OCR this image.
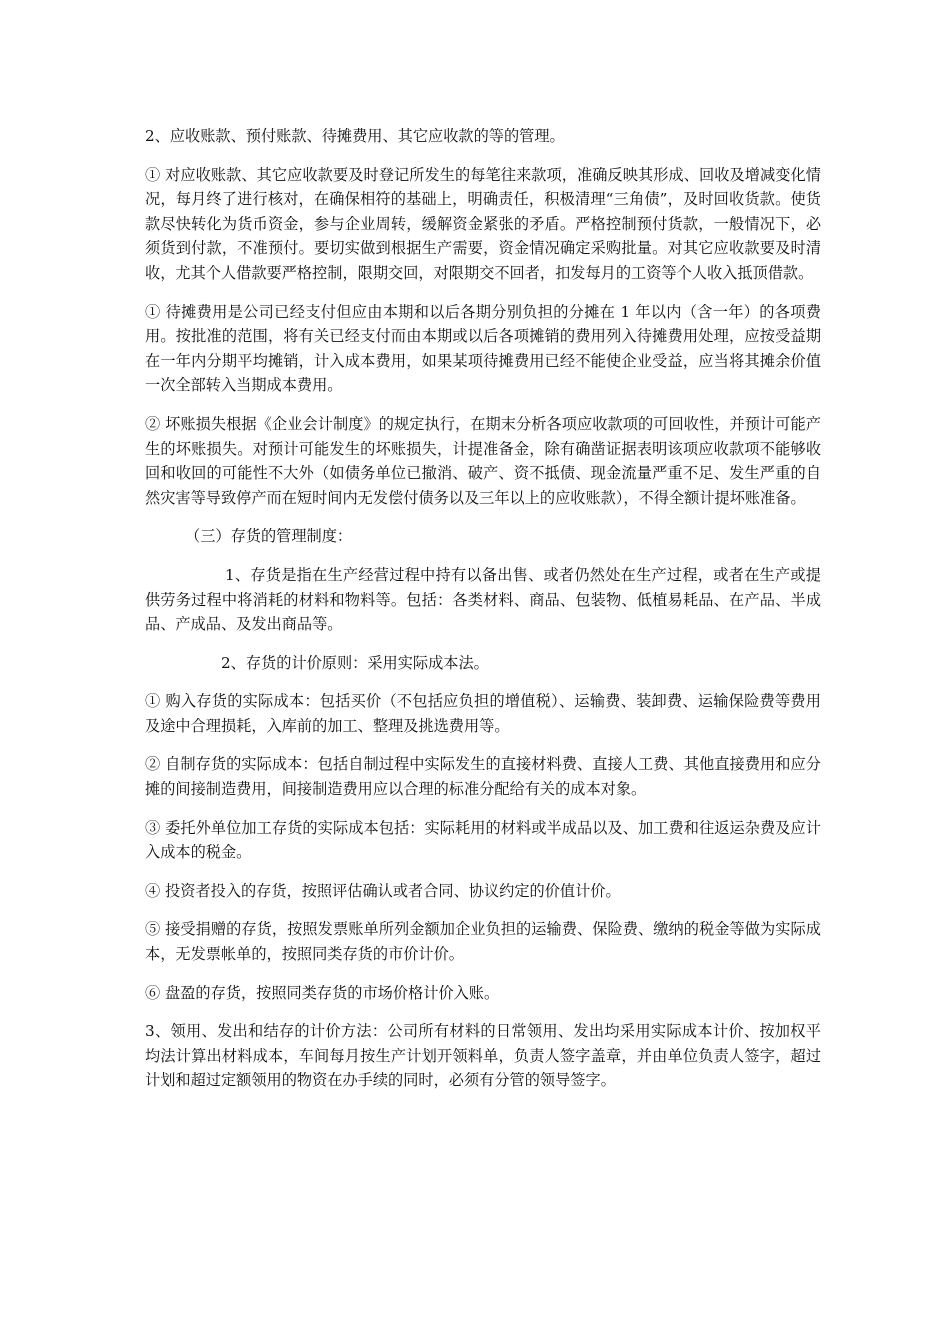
2、应收账款、预付账款、待摊费用、其它应收款的等的管理。

① 对应收账款、其它应收款要及时登记所发生的每笔往来款项，准确反映其形成、回收及增减变化情况，每月终了进行核对，在确保相符的基础上，明确责任，积极清理“三角债”，及时回收货款。使货款尽快转化为货币资金，参与企业周转，缓解资金紧张的矛盾。严格控制预付货款，一般情况下，必须货到付款，不准预付。要切实做到根据生产需要，资金情况确定采购批量。对其它应收款要及时清收，尤其个人借款要严格控制，限期交回，对限期交不回者，扣发每月的工资等个人收入抵顶借款。

① 待摊费用是公司已经支付但应由本期和以后各期分别负担的分摊在 1 年以内（含一年）的各项费用。按批准的范围，将有关已经支付而由本期或以后各项摊销的费用列入待摊费用处理，应按受益期在一年内分期平均摊销，计入成本费用，如果某项待摊费用已经不能使企业受益，应当将其摊余价值一次全部转入当期成本费用。

② 坏账损失根据《企业会计制度》的规定执行，在期末分析各项应收款项的可回收性，并预计可能产生的坏账损失。对预计可能发生的坏账损失，计提准备金，除有确凿证据表明该项应收款项不能够收回和收回的可能性不大外（如债务单位已撤消、破产、资不抵债、现金流量严重不足、发生严重的自然灾害等导致停产而在短时间内无发偿付债务以及三年以上的应收账款），不得全额计提坏账准备。

（三）存货的管理制度：

1、存货是指在生产经营过程中持有以备出售、或者仍然处在生产过程，或者在生产或提供劳务过程中将消耗的材料和物料等。包括：各类材料、商品、包装物、低植易耗品、在产品、半成品、产成品、及发出商品等。

2、存货的计价原则：采用实际成本法。

① 购入存货的实际成本：包括买价（不包括应负担的增值税）、运输费、装卸费、运输保险费等费用及途中合理损耗，入库前的加工、整理及挑选费用等。

② 自制存货的实际成本：包括自制过程中实际发生的直接材料费、直接人工费、其他直接费用和应分摊的间接制造费用，间接制造费用应以合理的标准分配给有关的成本对象。

③ 委托外单位加工存货的实际成本包括：实际耗用的材料或半成品以及、加工费和往返运杂费及应计入成本的税金。

④ 投资者投入的存货，按照评估确认或者合同、协议约定的价值计价。

⑤ 接受捐赠的存货，按照发票账单所列金额加企业负担的运输费、保险费、缴纳的税金等做为实际成本，无发票帐单的，按照同类存货的市价计价。

⑥ 盘盈的存货，按照同类存货的市场价格计价入账。

3、领用、发出和结存的计价方法：公司所有材料的日常领用、发出均采用实际成本计价、按加权平均法计算出材料成本，车间每月按生产计划开领料单，负责人签字盖章，并由单位负责人签字，超过计划和超过定额领用的物资在办手续的同时，必须有分管的领导签字。
